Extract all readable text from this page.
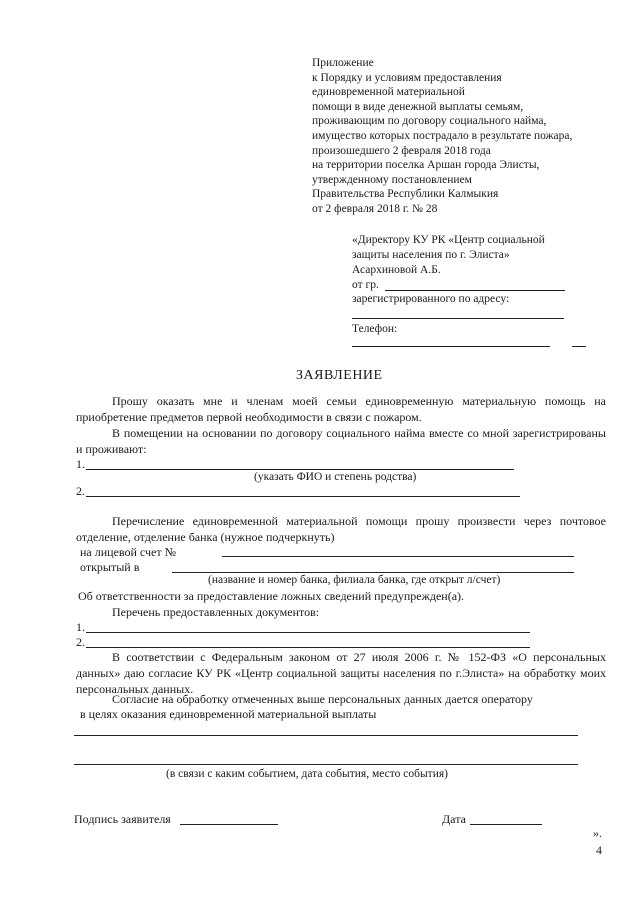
Приложение
к Порядку и условиям предоставления
единовременной материальной
помощи в виде денежной выплаты семьям,
проживающим по договору социального найма,
имущество которых пострадало в результате пожара,
произошедшего 2 февраля 2018 года
на территории поселка Аршан города Элисты,
утвержденному постановлением
Правительства Республики Калмыкия
от 2 февраля 2018 г. № 28
«Директору КУ РК «Центр социальной
защиты населения по г. Элиста»
Асархиновой А.Б.
от гр.
зарегистрированного по адресу:
Телефон:
ЗАЯВЛЕНИЕ
Прошу оказать мне и членам моей семьи единовременную материальную помощь на приобретение предметов первой необходимости в связи с пожаром.
В помещении на основании по договору социального найма вместе со мной зарегистрированы и проживают:
1.
(указать ФИО и степень родства)
2.
Перечисление единовременной материальной помощи прошу произвести через почтовое отделение, отделение банка (нужное подчеркнуть)
на лицевой счет №
открытый в
(название и номер банка, филиала банка, где открыт л/счет)
Об ответственности за предоставление ложных сведений предупрежден(а).
Перечень предоставленных документов:
1.
2.
В соответствии с Федеральным законом от 27 июля 2006 г. № 152-ФЗ «О персональных данных» даю согласие КУ РК «Центр социальной защиты населения по г.Элиста» на обработку моих персональных данных.
Согласие на обработку отмеченных выше персональных данных дается оператору
в целях оказания единовременной материальной выплаты
(в связи с каким событием, дата события, место события)
Подпись заявителя	Дата
».
4
